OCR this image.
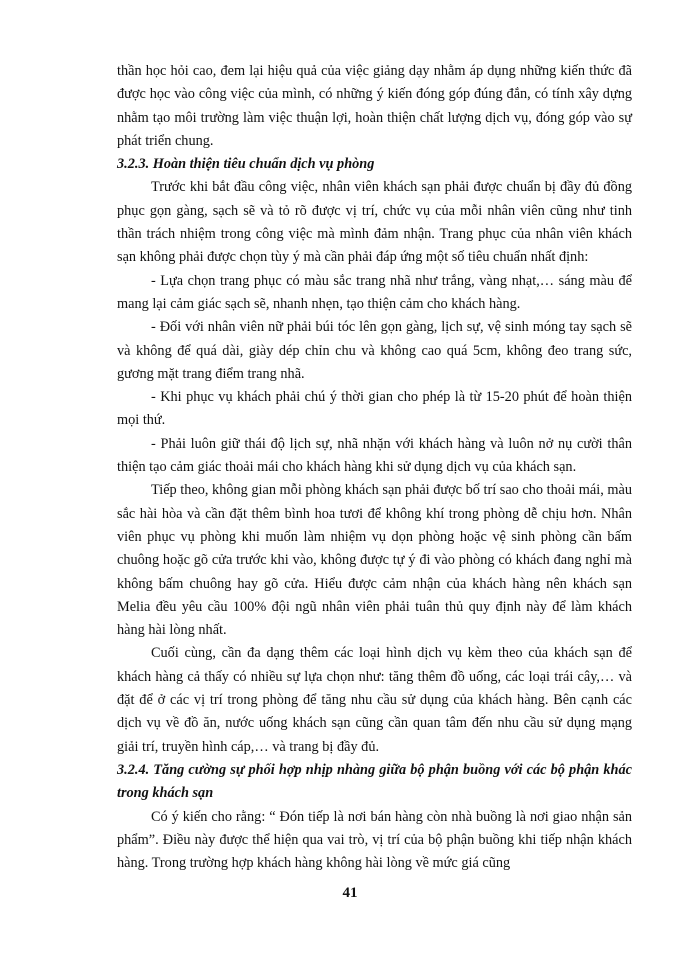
thần học hỏi cao, đem lại hiệu quả của việc giảng dạy nhằm áp dụng những kiến thức đã được học vào công việc của mình, có những ý kiến đóng góp đúng đắn, có tính xây dựng nhằm tạo môi trường làm việc thuận lợi, hoàn thiện chất lượng dịch vụ, đóng góp vào sự phát triển chung.

3.2.3. Hoàn thiện tiêu chuẩn dịch vụ phòng

Trước khi bắt đầu công việc, nhân viên khách sạn phải được chuẩn bị đầy đủ đồng phục gọn gàng, sạch sẽ và tỏ rõ được vị trí, chức vụ của mỗi nhân viên cũng như tinh thần trách nhiệm trong công việc mà mình đảm nhận. Trang phục của nhân viên khách sạn không phải được chọn tùy ý mà cần phải đáp ứng một số tiêu chuẩn nhất định:

- Lựa chọn trang phục có màu sắc trang nhã như trắng, vàng nhạt,… sáng màu để mang lại cảm giác sạch sẽ, nhanh nhẹn, tạo thiện cảm cho khách hàng.

- Đối với nhân viên nữ phải búi tóc lên gọn gàng, lịch sự, vệ sinh móng tay sạch sẽ và không để quá dài, giày dép chỉn chu và không cao quá 5cm, không đeo trang sức, gương mặt trang điểm trang nhã.

- Khi phục vụ khách phải chú ý thời gian cho phép là từ 15-20 phút để hoàn thiện mọi thứ.

- Phải luôn giữ thái độ lịch sự, nhã nhặn với khách hàng và luôn nở nụ cười thân thiện tạo cảm giác thoải mái cho khách hàng khi sử dụng dịch vụ của khách sạn.

Tiếp theo, không gian mỗi phòng khách sạn phải được bố trí sao cho thoải mái, màu sắc hài hòa và cần đặt thêm bình hoa tươi để không khí trong phòng dễ chịu hơn. Nhân viên phục vụ phòng khi muốn làm nhiệm vụ dọn phòng hoặc vệ sinh phòng cần bấm chuông hoặc gõ cửa trước khi vào, không được tự ý đi vào phòng có khách đang nghỉ mà không bấm chuông hay gõ cửa. Hiểu được cảm nhận của khách hàng nên khách sạn Melia đều yêu cầu 100% đội ngũ nhân viên phải tuân thủ quy định này để làm khách hàng hài lòng nhất.

Cuối cùng, cần đa dạng thêm các loại hình dịch vụ kèm theo của khách sạn để khách hàng cả thấy có nhiều sự lựa chọn như: tăng thêm đồ uống, các loại trái cây,… và đặt để ở các vị trí trong phòng để tăng nhu cầu sử dụng của khách hàng. Bên cạnh các dịch vụ về đồ ăn, nước uống khách sạn cũng cần quan tâm đến nhu cầu sử dụng mạng giải trí, truyền hình cáp,… và trang bị đầy đủ.

3.2.4. Tăng cường sự phối hợp nhịp nhàng giữa bộ phận buồng với các bộ phận khác trong khách sạn

Có ý kiến cho rằng: “ Đón tiếp là nơi bán hàng còn nhà buồng là nơi giao nhận sản phẩm”. Điều này được thể hiện qua vai trò, vị trí của bộ phận buồng khi tiếp nhận khách hàng. Trong trường hợp khách hàng không hài lòng về mức giá cũng

41
